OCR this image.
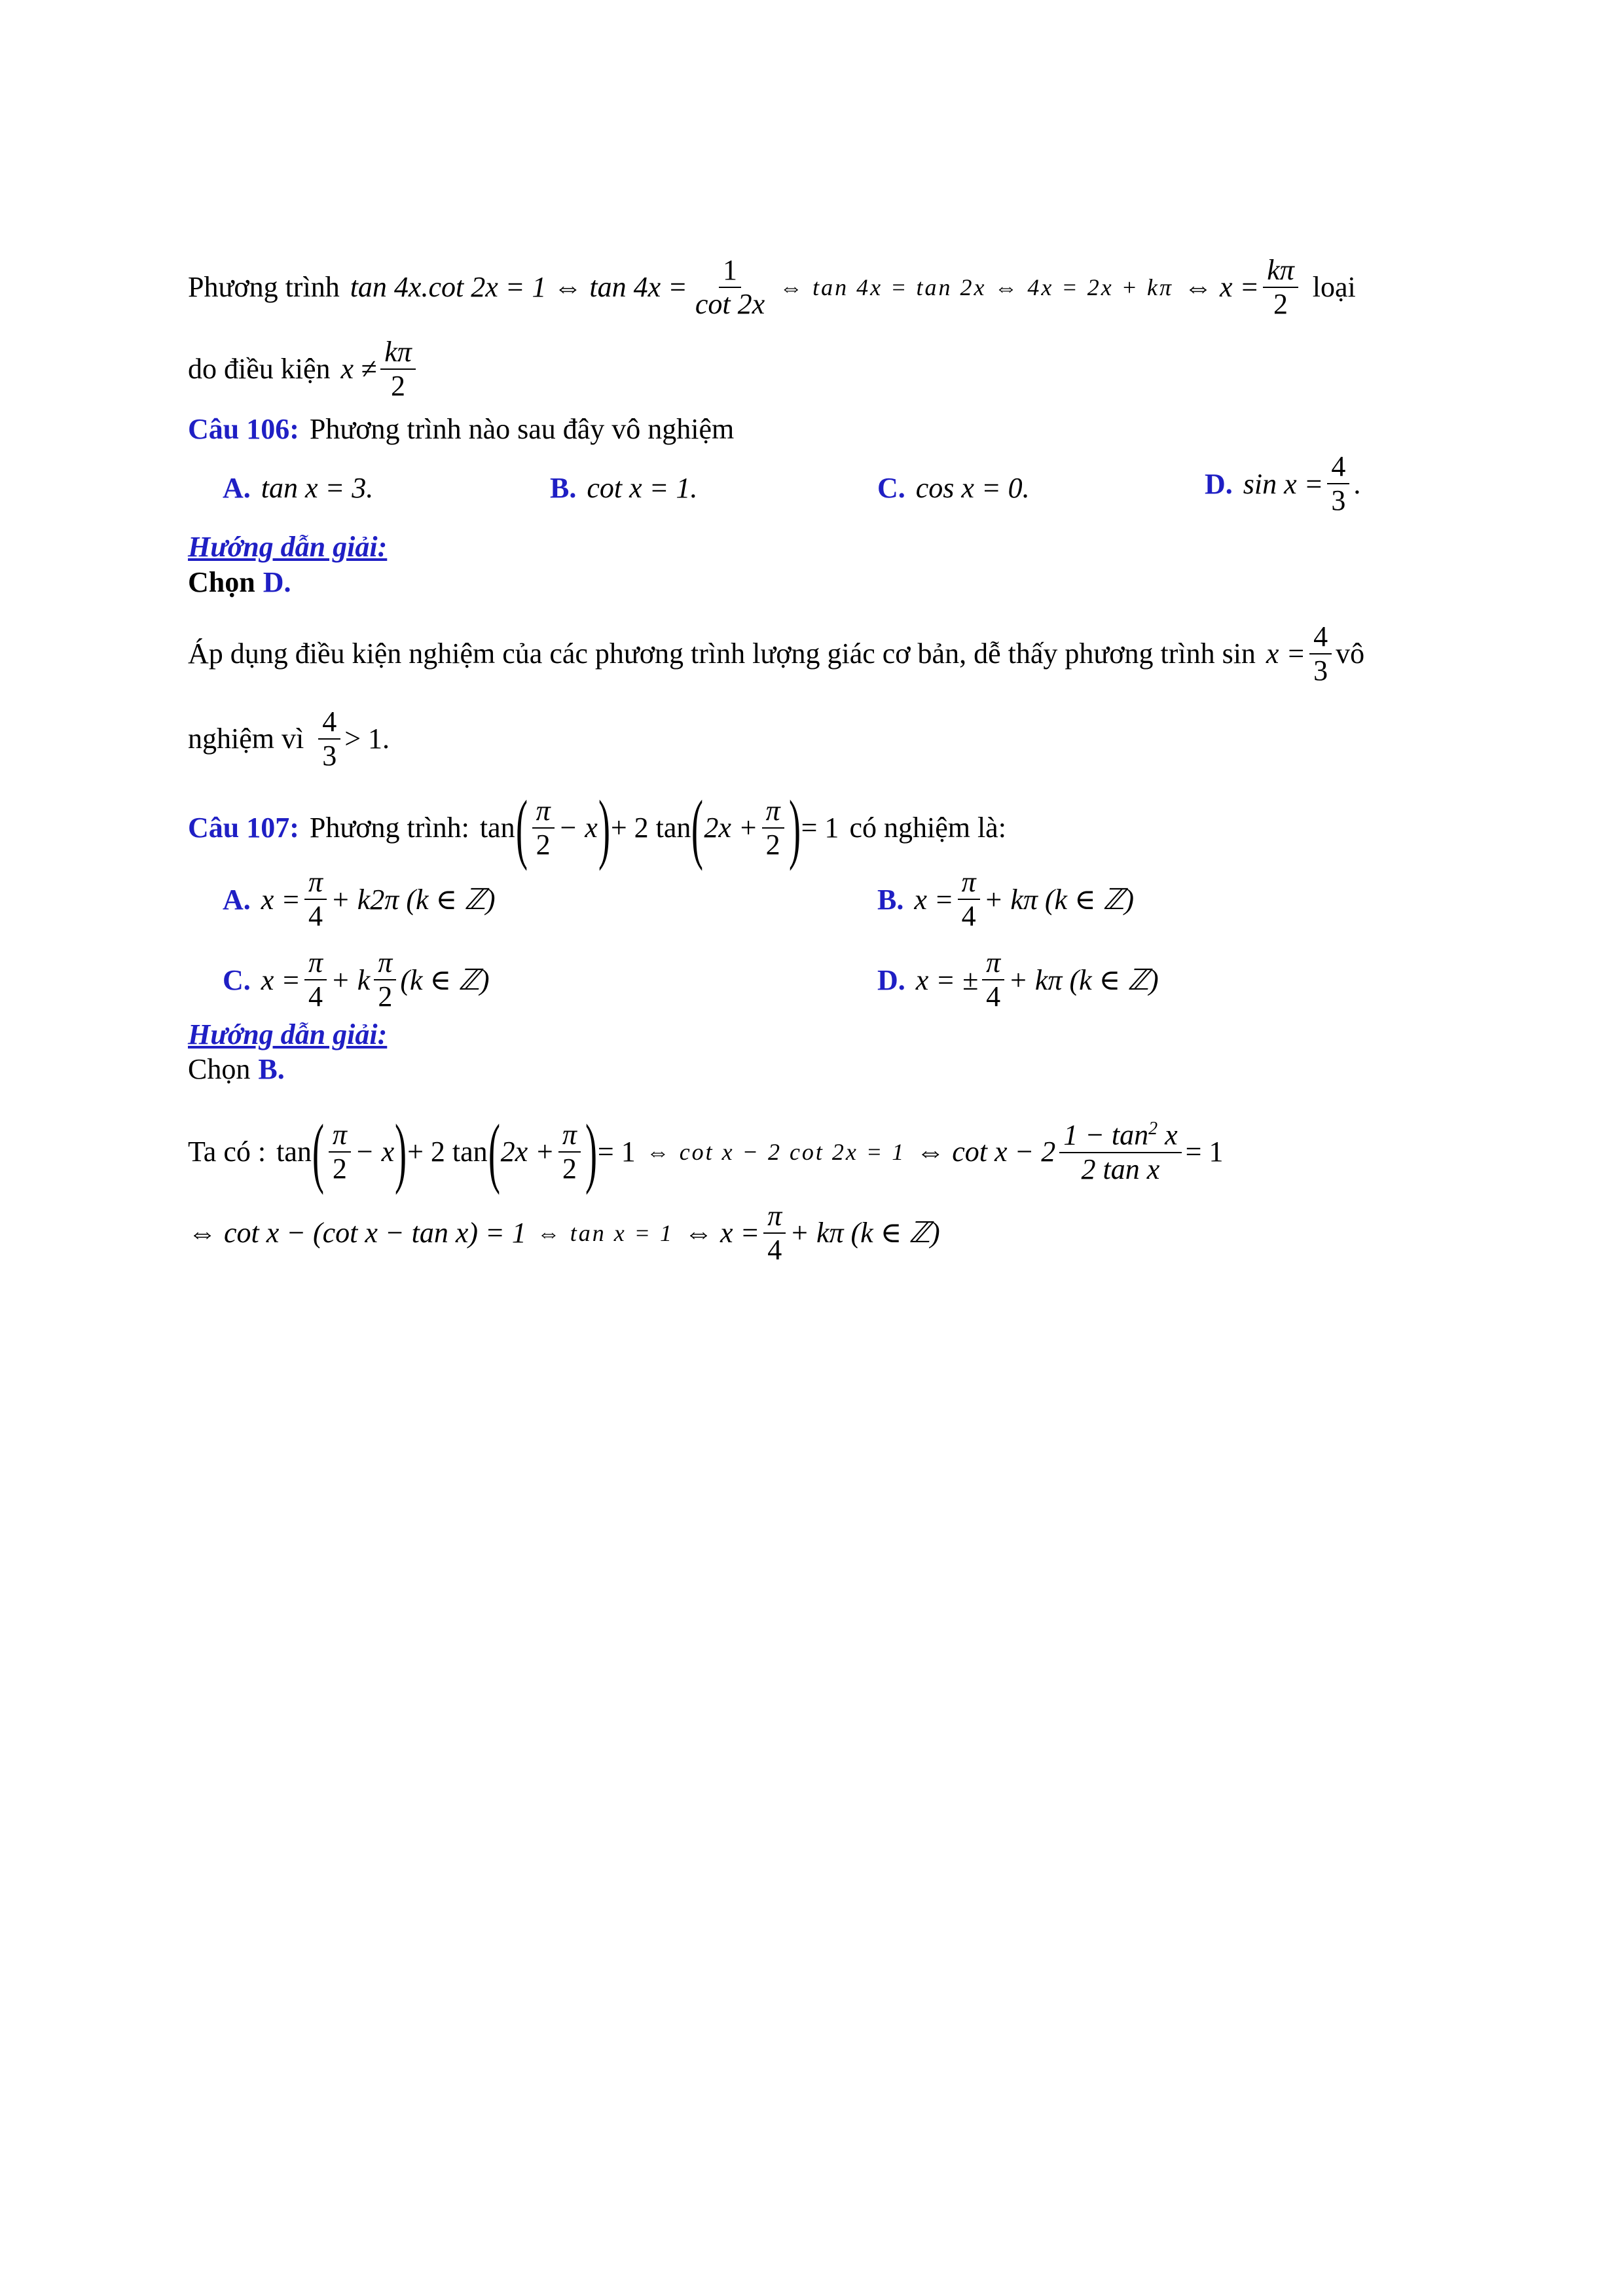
Phương trình tan 4x.cot 2x = 1 ⇔ $\tan 4x = \frac{1}{\cot 2x}$ ⇔ tan 4x = tan 2x ⇔ 4x = 2x + kπ ⇔ $x = \frac{k\pi}{2}$ loại
do điều kiện $x \ne \frac{k\pi}{2}$
Câu 106: Phương trình nào sau đây vô nghiệm
A. tan x = 3.	B. cot x = 1.	C. cos x = 0.	D. $\sin x = \frac{4}{3}$ .
Hướng dẫn giải:
Chọn D.
Áp dụng điều kiện nghiệm của các phương trình lượng giác cơ bản, dễ thấy phương trình $\sin x = \frac{4}{3}$ vô
nghiệm vì $\frac{4}{3} > 1$.
Câu 107: Phương trình: tan ( $\frac{\pi}{2} - x$ ) + 2 tan ( $2x + \frac{\pi}{2}$ ) = 1 có nghiệm là:
A. $x = \frac{\pi}{4} + k2\pi$ (k ∈ ℤ)	B. $x = \frac{\pi}{4} + k\pi$ (k ∈ ℤ)
C. $x = \frac{\pi}{4} + k \frac{\pi}{2} (k$ ∈ ℤ)	D. x = ± $\frac{\pi}{4} + k\pi$ (k ∈ ℤ)
Hướng dẫn giải:
Chọn B.
Ta có : tan ( $\frac{\pi}{2} - x$ ) + 2 tan ( $2x + \frac{\pi}{2}$ ) = 1 ⇔ cot x − 2 cot 2x = 1 ⇔ $\cot x - 2 \frac{1 - \tan^2 x}{\text{2 tan x}} = 1$
⇔ cot x − (cot x − tan x) = 1 ⇔ tan x = 1 ⇔ $x = \frac{\pi}{4} + k\pi$ (k ∈ ℤ)
